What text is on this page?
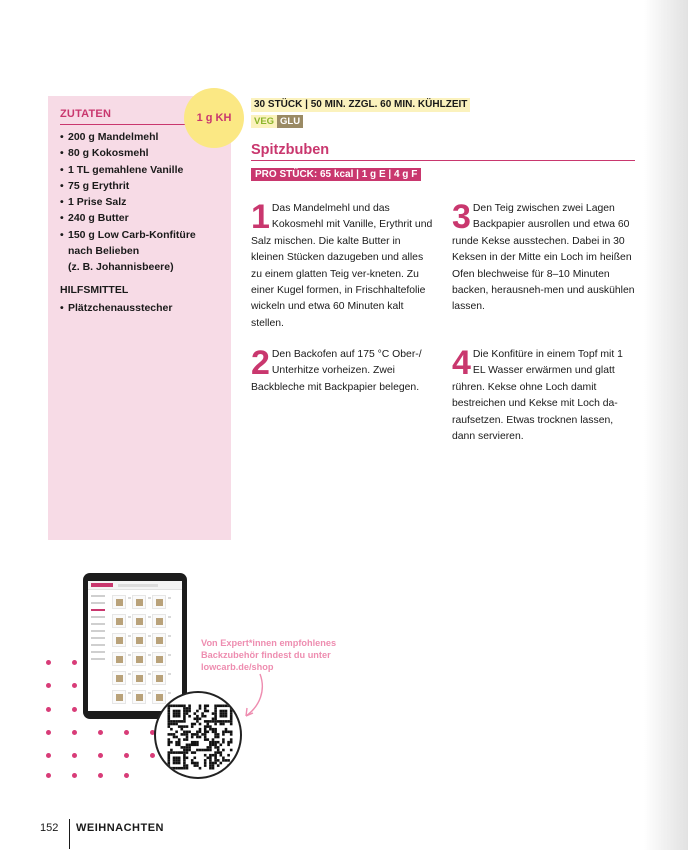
ZUTATEN
• 200 g Mandelmehl
• 80 g Kokosmehl
• 1 TL gemahlene Vanille
• 75 g Erythrit
• 1 Prise Salz
• 240 g Butter
• 150 g Low Carb-Konfitüre
nach Belieben
(z. B. Johannisbeere)
HILFSMITTEL
• Plätzchenausstecher
1 g KH
30 STÜCK | 50 MIN. ZZGL. 60 MIN. KÜHLZEIT
VEG GLU
Spitzbuben
PRO STÜCK: 65 kcal | 1 g E | 4 g F
1 Das Mandelmehl und das Kokosmehl mit Vanille, Erythrit und Salz mischen. Die kalte Butter in kleinen Stücken dazugeben und alles zu einem glatten Teig ver-kneten. Zu einer Kugel formen, in Frischhaltefolie wickeln und etwa 60 Minuten kalt stellen.
2 Den Backofen auf 175 °C Ober-/ Unterhitze vorheizen. Zwei Backbleche mit Backpapier belegen.
3 Den Teig zwischen zwei Lagen Backpapier ausrollen und etwa 60 runde Kekse ausstechen. Dabei in 30 Keksen in der Mitte ein Loch im heißen Ofen blechweise für 8–10 Minuten backen, herausneh-men und auskühlen lassen.
4 Die Konfitüre in einem Topf mit 1 EL Wasser erwärmen und glatt rühren. Kekse ohne Loch damit bestreichen und Kekse mit Loch da-raufsetzen. Etwas trocknen lassen, dann servieren.
Von Expert*innen empfohlenes Backzubehör findest du unter lowcarb.de/shop
152 WEIHNACHTEN
